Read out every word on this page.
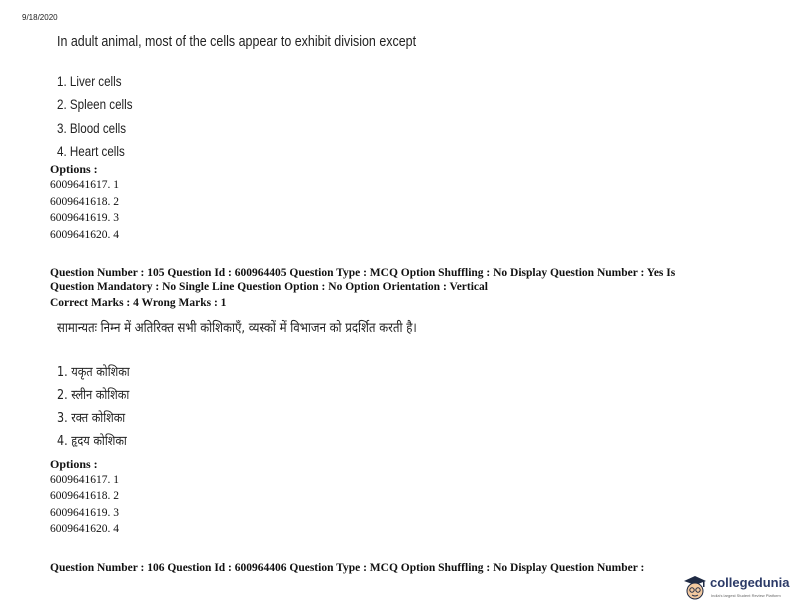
9/18/2020
In adult animal, most of the cells appear to exhibit division except
1. Liver cells
2. Spleen cells
3. Blood cells
4. Heart cells
Options :
6009641617. 1
6009641618. 2
6009641619. 3
6009641620. 4
Question Number : 105 Question Id : 600964405 Question Type : MCQ Option Shuffling : No Display Question Number : Yes Is
Question Mandatory : No Single Line Question Option : No Option Orientation : Vertical
Correct Marks : 4 Wrong Marks : 1
सामान्यतः निम्न में अतिरिक्त सभी कोशिकाएँ, व्यस्कों में विभाजन को प्रदर्शित करती है।
1. यकृत कोशिका
2. स्लीन कोशिका
3. रक्त कोशिका
4. हृदय कोशिका
Options :
6009641617. 1
6009641618. 2
6009641619. 3
6009641620. 4
Question Number : 106 Question Id : 600964406 Question Type : MCQ Option Shuffling : No Display Question Number :
collegedunia
India's largest Student Review Platform
